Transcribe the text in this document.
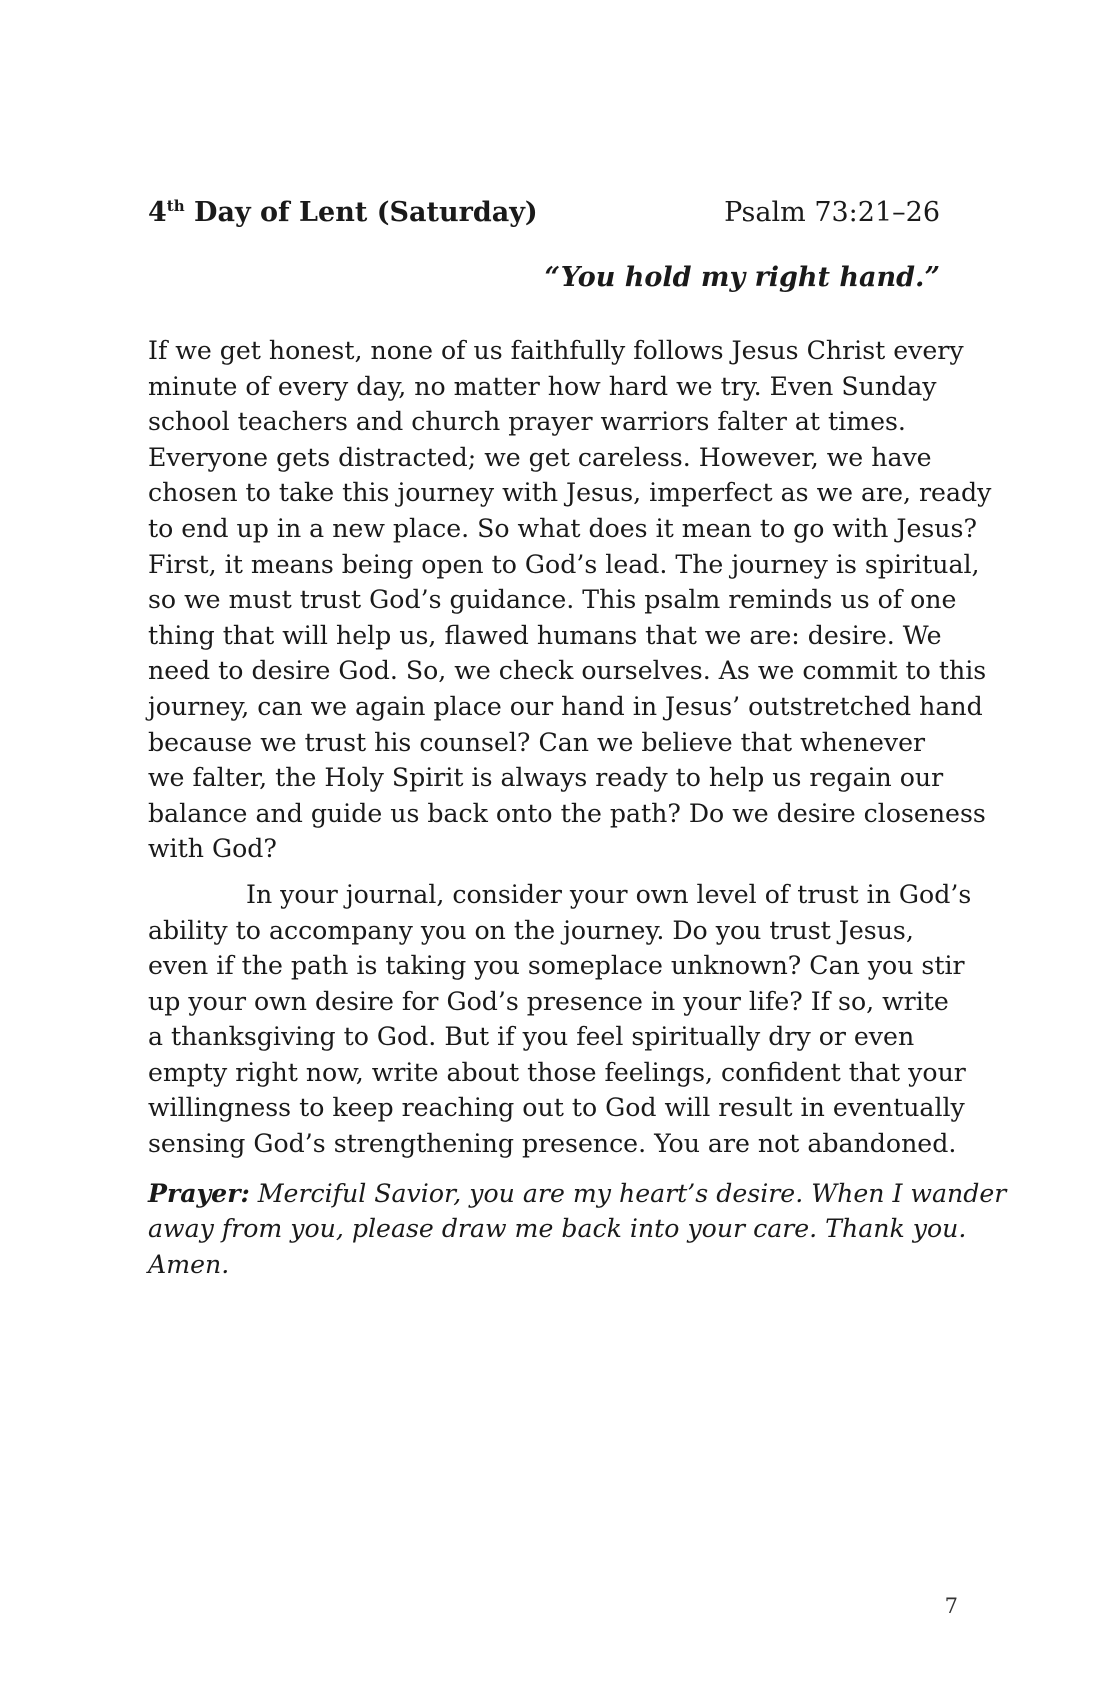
4th Day of Lent (Saturday)	Psalm 73:21–26

“You hold my right hand.”

If we get honest, none of us faithfully follows Jesus Christ every
minute of every day, no matter how hard we try. Even Sunday
school teachers and church prayer warriors falter at times.
Everyone gets distracted; we get careless. However, we have
chosen to take this journey with Jesus, imperfect as we are, ready
to end up in a new place. So what does it mean to go with Jesus?
First, it means being open to God’s lead. The journey is spiritual,
so we must trust God’s guidance. This psalm reminds us of one
thing that will help us, flawed humans that we are: desire. We
need to desire God. So, we check ourselves. As we commit to this
journey, can we again place our hand in Jesus’ outstretched hand
because we trust his counsel? Can we believe that whenever
we falter, the Holy Spirit is always ready to help us regain our
balance and guide us back onto the path? Do we desire closeness
with God?

In your journal, consider your own level of trust in God’s
ability to accompany you on the journey. Do you trust Jesus,
even if the path is taking you someplace unknown? Can you stir
up your own desire for God’s presence in your life? If so, write
a thanksgiving to God. But if you feel spiritually dry or even
empty right now, write about those feelings, confident that your
willingness to keep reaching out to God will result in eventually
sensing God’s strengthening presence. You are not abandoned.

Prayer: Merciful Savior, you are my heart’s desire. When I wander
away from you, please draw me back into your care. Thank you.
Amen.

7
